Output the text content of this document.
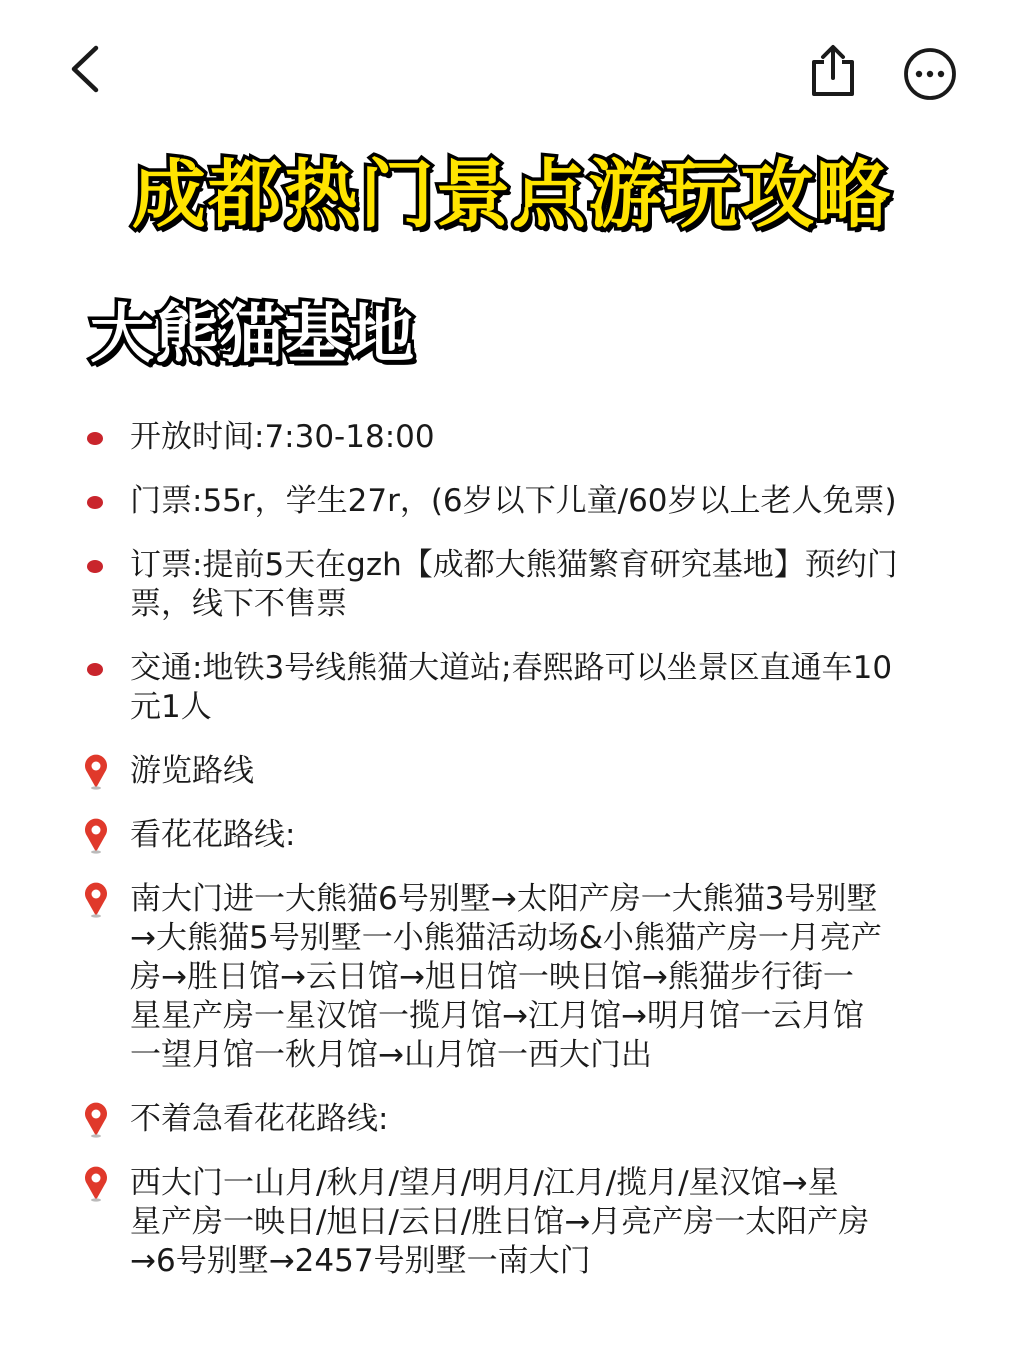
成都热门景点游玩攻略
大熊猫基地
开放时间:7:30-18:00
门票:55r，学生27r，(6岁以下儿童/60岁以上老人免票)
订票:提前5天在gzh【成都大熊猫繁育研究基地】预约门
票，线下不售票
交通:地铁3号线熊猫大道站;春熙路可以坐景区直通车10
元1人
游览路线
看花花路线:
南大门进一大熊猫6号别墅→太阳产房一大熊猫3号别墅
→大熊猫5号别墅一小熊猫活动场&小熊猫产房一月亮产
房→胜日馆→云日馆→旭日馆一映日馆→熊猫步行街一
星星产房一星汉馆一揽月馆→江月馆→明月馆一云月馆
一望月馆一秋月馆→山月馆一西大门出
不着急看花花路线:
西大门一山月/秋月/望月/明月/江月/揽月/星汉馆→星
星产房一映日/旭日/云日/胜日馆→月亮产房一太阳产房
→6号别墅→2457号别墅一南大门
